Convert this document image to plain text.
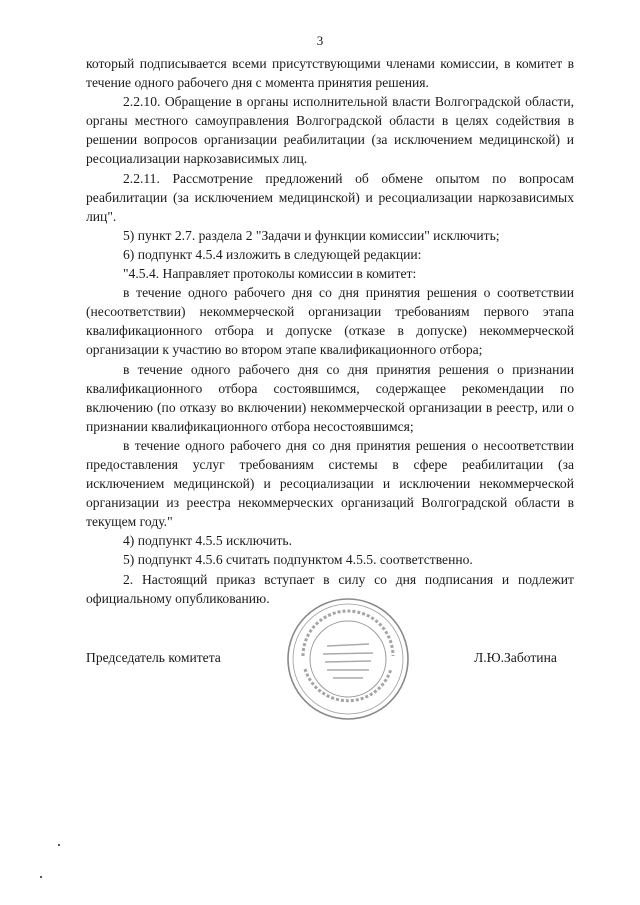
3

который подписывается всеми присутствующими членами комиссии, в комитет в течение одного рабочего дня с момента принятия решения.

2.2.10. Обращение в органы исполнительной власти Волгоградской области, органы местного самоуправления Волгоградской области в целях содействия в решении вопросов организации реабилитации (за исключением медицинской) и ресоциализации наркозависимых лиц.

2.2.11. Рассмотрение предложений об обмене опытом по вопросам реабилитации (за исключением медицинской) и ресоциализации наркозависимых лиц".

5) пункт 2.7. раздела 2 "Задачи и функции комиссии" исключить;

6) подпункт 4.5.4 изложить в следующей редакции:

"4.5.4. Направляет протоколы комиссии в комитет:

в течение одного рабочего дня со дня принятия решения о соответствии (несоответствии) некоммерческой организации требованиям первого этапа квалификационного отбора и допуске (отказе в допуске) некоммерческой организации к участию во втором этапе квалификационного отбора;

в течение одного рабочего дня со дня принятия решения о признании квалификационного отбора состоявшимся, содержащее рекомендации по включению (по отказу во включении) некоммерческой организации в реестр, или о признании квалификационного отбора несостоявшимся;

в течение одного рабочего дня со дня принятия решения о несоответствии предоставления услуг требованиям системы в сфере реабилитации (за исключением медицинской) и ресоциализации и исключении некоммерческой организации из реестра некоммерческих организаций Волгоградской области в текущем году."

4) подпункт 4.5.5 исключить.

5) подпункт 4.5.6 считать подпунктом 4.5.5. соответственно.

2. Настоящий приказ вступает в силу со дня подписания и подлежит официальному опубликованию.

Председатель комитета	Л.Ю.Заботина
